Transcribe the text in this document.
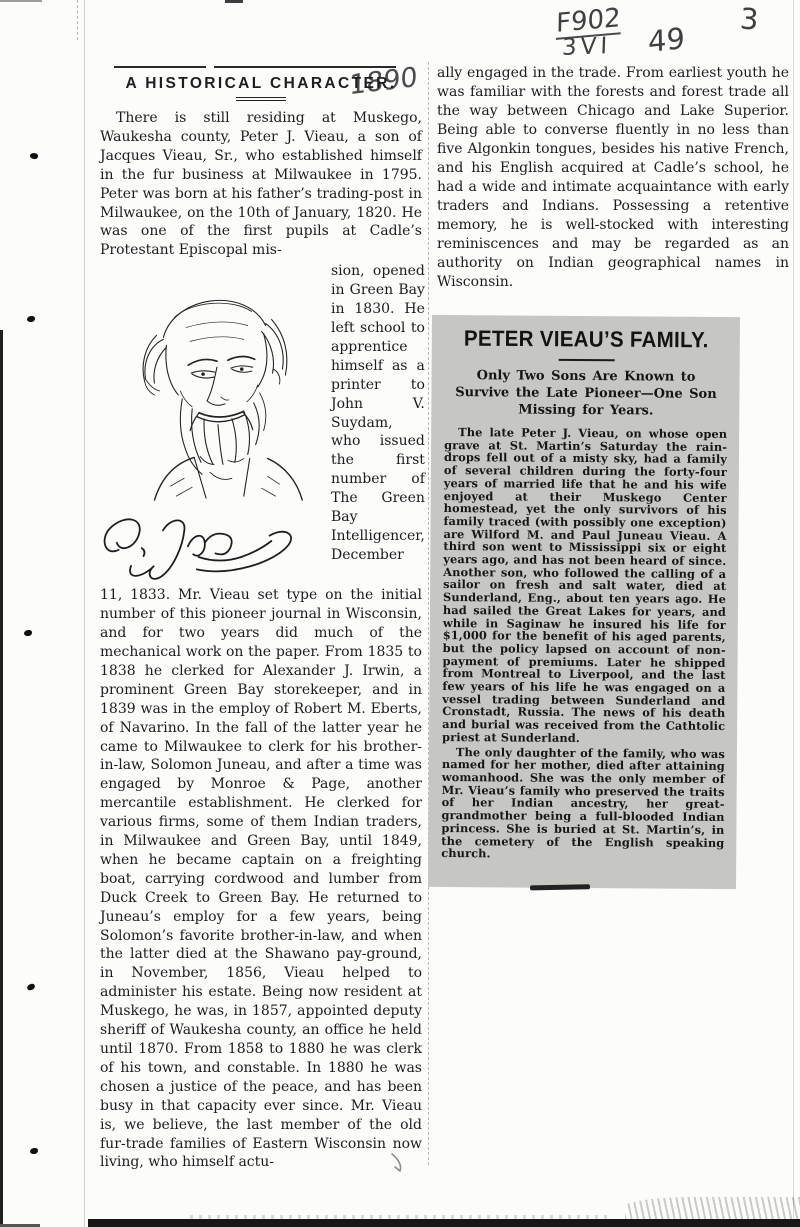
F902
3VI 49
3
1890
A HISTORICAL CHARACTER.

There is still residing at Muskego, Waukesha county, Peter J. Vieau, a son of Jacques Vieau, Sr., who established himself in the fur business at Milwaukee in 1795. Peter was born at his father’s trading-post in Milwaukee, on the 10th of January, 1820. He was one of the first pupils at Cadle’s Protestant Episcopal mis-

sion, opened in Green Bay in 1830. He left school to apprentice himself as a printer to John V. Suydam, who issued the first number of The Green Bay Intelligencer, December

11, 1833. Mr. Vieau set type on the initial number of this pioneer journal in Wisconsin, and for two years did much of the mechanical work on the paper. From 1835 to 1838 he clerked for Alexander J. Irwin, a prominent Green Bay storekeeper, and in 1839 was in the employ of Robert M. Eberts, of Navarino. In the fall of the latter year he came to Milwaukee to clerk for his brother-in-law, Solomon Juneau, and after a time was engaged by Monroe & Page, another mercantile establishment. He clerked for various firms, some of them Indian traders, in Milwaukee and Green Bay, until 1849, when he became captain on a freighting boat, carrying cordwood and lumber from Duck Creek to Green Bay. He returned to Juneau’s employ for a few years, being Solomon’s favorite brother-in-law, and when the latter died at the Shawano pay-ground, in November, 1856, Vieau helped to administer his estate. Being now resident at Muskego, he was, in 1857, appointed deputy sheriff of Waukesha county, an office he held until 1870. From 1858 to 1880 he was clerk of his town, and constable. In 1880 he was chosen a justice of the peace, and has been busy in that capacity ever since. Mr. Vieau is, we believe, the last member of the old fur-trade families of Eastern Wisconsin now living, who himself actu-

ally engaged in the trade. From earliest youth he was familiar with the forests and forest trade all the way between Chicago and Lake Superior. Being able to converse fluently in no less than five Algonkin tongues, besides his native French, and his English acquired at Cadle’s school, he had a wide and intimate acquaintance with early traders and Indians. Possessing a retentive memory, he is well-stocked with interesting reminiscences and may be regarded as an authority on Indian geographical names in Wisconsin.

PETER VIEAU’S FAMILY.

Only Two Sons Are Known to Survive the Late Pioneer—One Son Missing for Years.

The late Peter J. Vieau, on whose open grave at St. Martin’s Saturday the rain-drops fell out of a misty sky, had a family of several children during the forty-four years of married life that he and his wife enjoyed at their Muskego Center homestead, yet the only survivors of his family traced (with possibly one exception) are Wilford M. and Paul Juneau Vieau. A third son went to Mississippi six or eight years ago, and has not been heard of since. Another son, who followed the calling of a sailor on fresh and salt water, died at Sunderland, Eng., about ten years ago. He had sailed the Great Lakes for years, and while in Saginaw he insured his life for $1,000 for the benefit of his aged parents, but the policy lapsed on account of non-payment of premiums. Later he shipped from Montreal to Liverpool, and the last few years of his life he was engaged on a vessel trading between Sunderland and Cronstadt, Russia. The news of his death and burial was received from the Cathtolic priest at Sunderland.

The only daughter of the family, who was named for her mother, died after attaining womanhood. She was the only member of Mr. Vieau’s family who preserved the traits of her Indian ancestry, her great-grandmother being a full-blooded Indian princess. She is buried at St. Martin’s, in the cemetery of the English speaking church.
